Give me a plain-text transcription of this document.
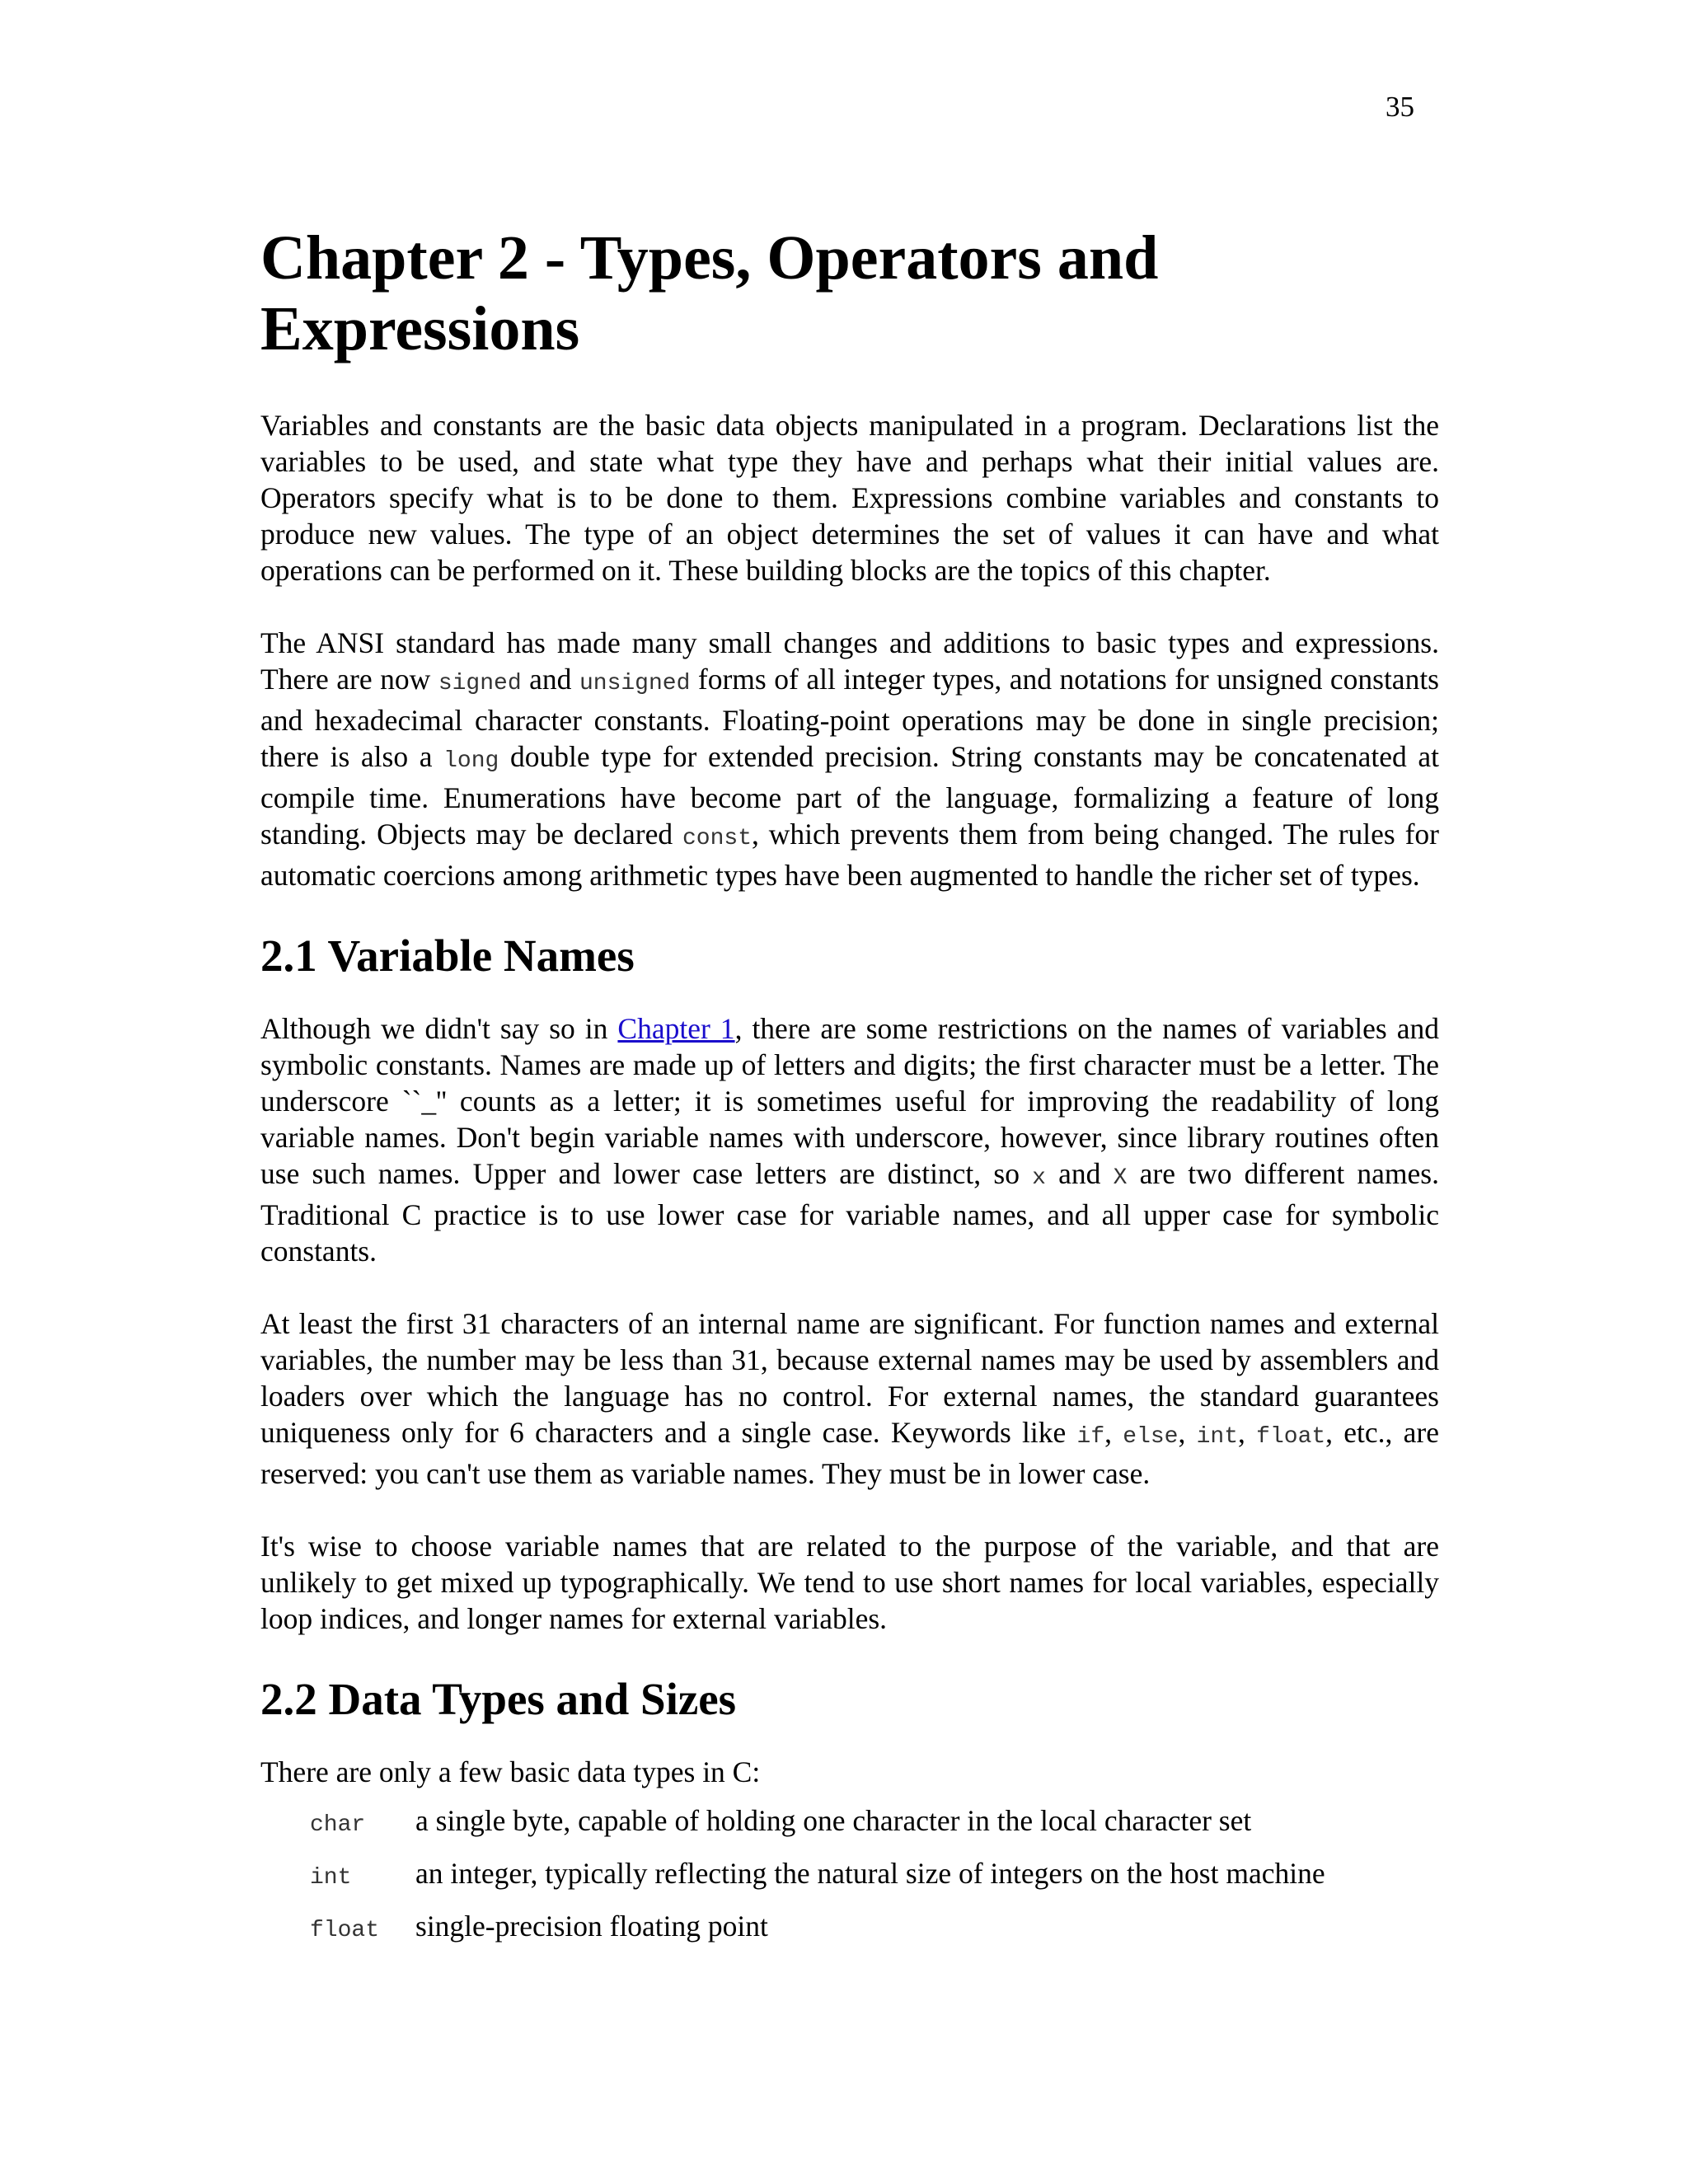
35
Chapter 2 - Types, Operators and Expressions

Variables and constants are the basic data objects manipulated in a program. Declarations list the variables to be used, and state what type they have and perhaps what their initial values are. Operators specify what is to be done to them. Expressions combine variables and constants to produce new values. The type of an object determines the set of values it can have and what operations can be performed on it. These building blocks are the topics of this chapter.

The ANSI standard has made many small changes and additions to basic types and expressions. There are now signed and unsigned forms of all integer types, and notations for unsigned constants and hexadecimal character constants. Floating-point operations may be done in single precision; there is also a long double type for extended precision. String constants may be concatenated at compile time. Enumerations have become part of the language, formalizing a feature of long standing. Objects may be declared const, which prevents them from being changed. The rules for automatic coercions among arithmetic types have been augmented to handle the richer set of types.

2.1 Variable Names

Although we didn't say so in Chapter 1, there are some restrictions on the names of variables and symbolic constants. Names are made up of letters and digits; the first character must be a letter. The underscore ``_'' counts as a letter; it is sometimes useful for improving the readability of long variable names. Don't begin variable names with underscore, however, since library routines often use such names. Upper and lower case letters are distinct, so x and X are two different names. Traditional C practice is to use lower case for variable names, and all upper case for symbolic constants.

At least the first 31 characters of an internal name are significant. For function names and external variables, the number may be less than 31, because external names may be used by assemblers and loaders over which the language has no control. For external names, the standard guarantees uniqueness only for 6 characters and a single case. Keywords like if, else, int, float, etc., are reserved: you can't use them as variable names. They must be in lower case.

It's wise to choose variable names that are related to the purpose of the variable, and that are unlikely to get mixed up typographically. We tend to use short names for local variables, especially loop indices, and longer names for external variables.

2.2 Data Types and Sizes
There are only a few basic data types in C:
char	a single byte, capable of holding one character in the local character set
int	an integer, typically reflecting the natural size of integers on the host machine
float	single-precision floating point
